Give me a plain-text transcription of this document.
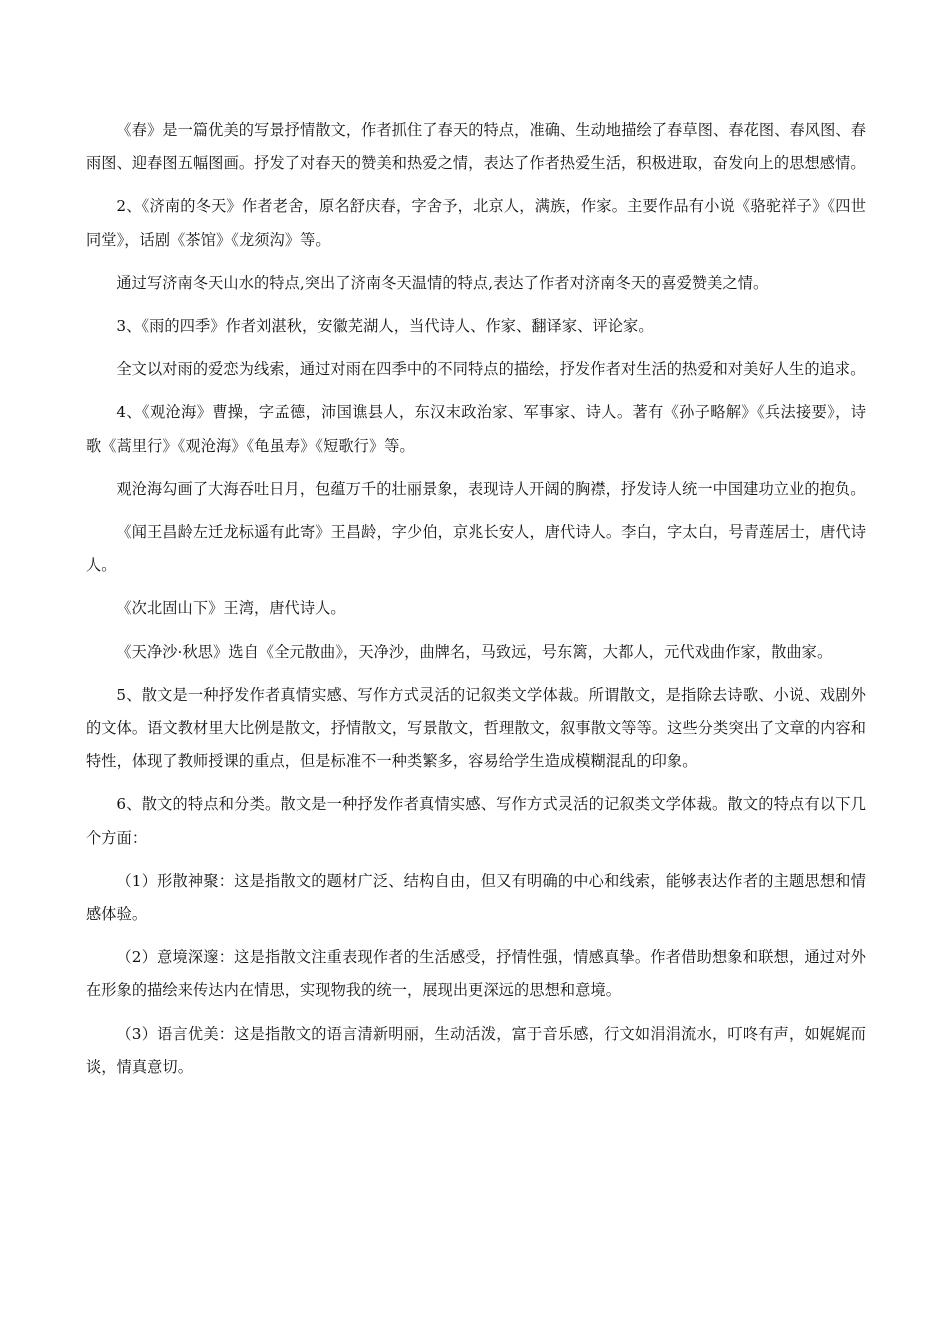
《春》是一篇优美的写景抒情散文，作者抓住了春天的特点，准确、生动地描绘了春草图、春花图、春风图、春雨图、迎春图五幅图画。抒发了对春天的赞美和热爱之情，表达了作者热爱生活，积极进取，奋发向上的思想感情。

2、《济南的冬天》作者老舍，原名舒庆春，字舍予，北京人，满族，作家。主要作品有小说《骆驼祥子》《四世同堂》，话剧《茶馆》《龙须沟》等。

通过写济南冬天山水的特点,突出了济南冬天温情的特点,表达了作者对济南冬天的喜爱赞美之情。

3、《雨的四季》作者刘湛秋，安徽芜湖人，当代诗人、作家、翻译家、评论家。

全文以对雨的爱恋为线索，通过对雨在四季中的不同特点的描绘，抒发作者对生活的热爱和对美好人生的追求。

4、《观沧海》曹操，字孟德，沛国谯县人，东汉末政治家、军事家、诗人。著有《孙子略解》《兵法接要》，诗歌《蒿里行》《观沧海》《龟虽寿》《短歌行》等。

观沧海勾画了大海吞吐日月，包蕴万千的壮丽景象，表现诗人开阔的胸襟，抒发诗人统一中国建功立业的抱负。

《闻王昌龄左迁龙标遥有此寄》王昌龄，字少伯，京兆长安人，唐代诗人。李白，字太白，号青莲居士，唐代诗人。

《次北固山下》王湾，唐代诗人。

《天净沙·秋思》选自《全元散曲》，天净沙，曲牌名，马致远，号东篱，大都人，元代戏曲作家，散曲家。

5、散文是一种抒发作者真情实感、写作方式灵活的记叙类文学体裁。所谓散文，是指除去诗歌、小说、戏剧外的文体。语文教材里大比例是散文，抒情散文，写景散文，哲理散文，叙事散文等等。这些分类突出了文章的内容和特性，体现了教师授课的重点，但是标准不一种类繁多，容易给学生造成模糊混乱的印象。

6、散文的特点和分类。散文是一种抒发作者真情实感、写作方式灵活的记叙类文学体裁。散文的特点有以下几个方面：

（1）形散神聚：这是指散文的题材广泛、结构自由，但又有明确的中心和线索，能够表达作者的主题思想和情感体验。

（2）意境深邃：这是指散文注重表现作者的生活感受，抒情性强，情感真挚。作者借助想象和联想，通过对外在形象的描绘来传达内在情思，实现物我的统一，展现出更深远的思想和意境。

（3）语言优美：这是指散文的语言清新明丽，生动活泼，富于音乐感，行文如涓涓流水，叮咚有声，如娓娓而谈，情真意切。
